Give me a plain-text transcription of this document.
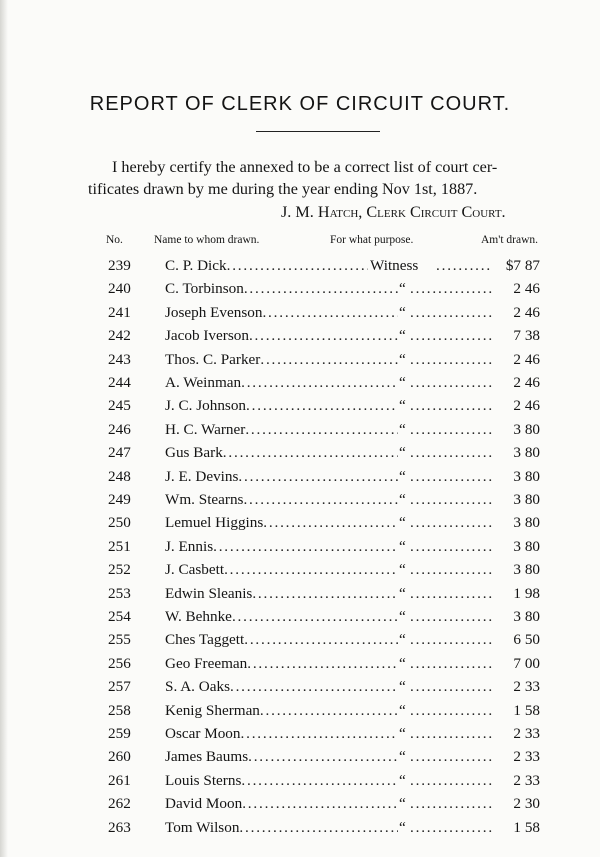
REPORT OF CLERK OF CIRCUIT COURT.
I hereby certify the annexed to be a correct list of court cer-
tificates drawn by me during the year ending Nov 1st, 1887.
J. M. Hatch, Clerk Circuit Court.
No.	Name to whom drawn.	For what purpose.	Am't drawn.
239 C. P. Dick . . . . . .	Witness	$7 87
240 C. Torbinson . . . . . .	“	2 46
241 Joseph Evenson . . . . . .	“	2 46
242 Jacob Iverson . . . . . .	“	7 38
243 Thos. C. Parker . . . . . .	“	2 46
244 A. Weinman . . . . . .	“	2 46
245 J. C. Johnson . . . . . .	“	2 46
246 H. C. Warner . . . . . .	“	3 80
247 Gus Bark . . . . . .	“	3 80
248 J. E. Devins . . . . . .	“	3 80
249 Wm. Stearns . . . . . .	“	3 80
250 Lemuel Higgins . . . . . .	“	3 80
251 J. Ennis . . . . . .	“	3 80
252 J. Casbett . . . . . .	“	3 80
253 Edwin Sleanis . . . . . .	“	1 98
254 W. Behnke . . . . . .	“	3 80
255 Ches Taggett . . . . . .	“	6 50
256 Geo Freeman . . . . . .	“	7 00
257 S. A. Oaks . . . . . .	“	2 33
258 Kenig Sherman . . . . . .	“	1 58
259 Oscar Moon . . . . . .	“	2 33
260 James Baums . . . . . .	“	2 33
261 Louis Sterns . . . . . .	“	2 33
262 David Moon . . . . . .	“	2 30
263 Tom Wilson . . . . . .	“	1 58
